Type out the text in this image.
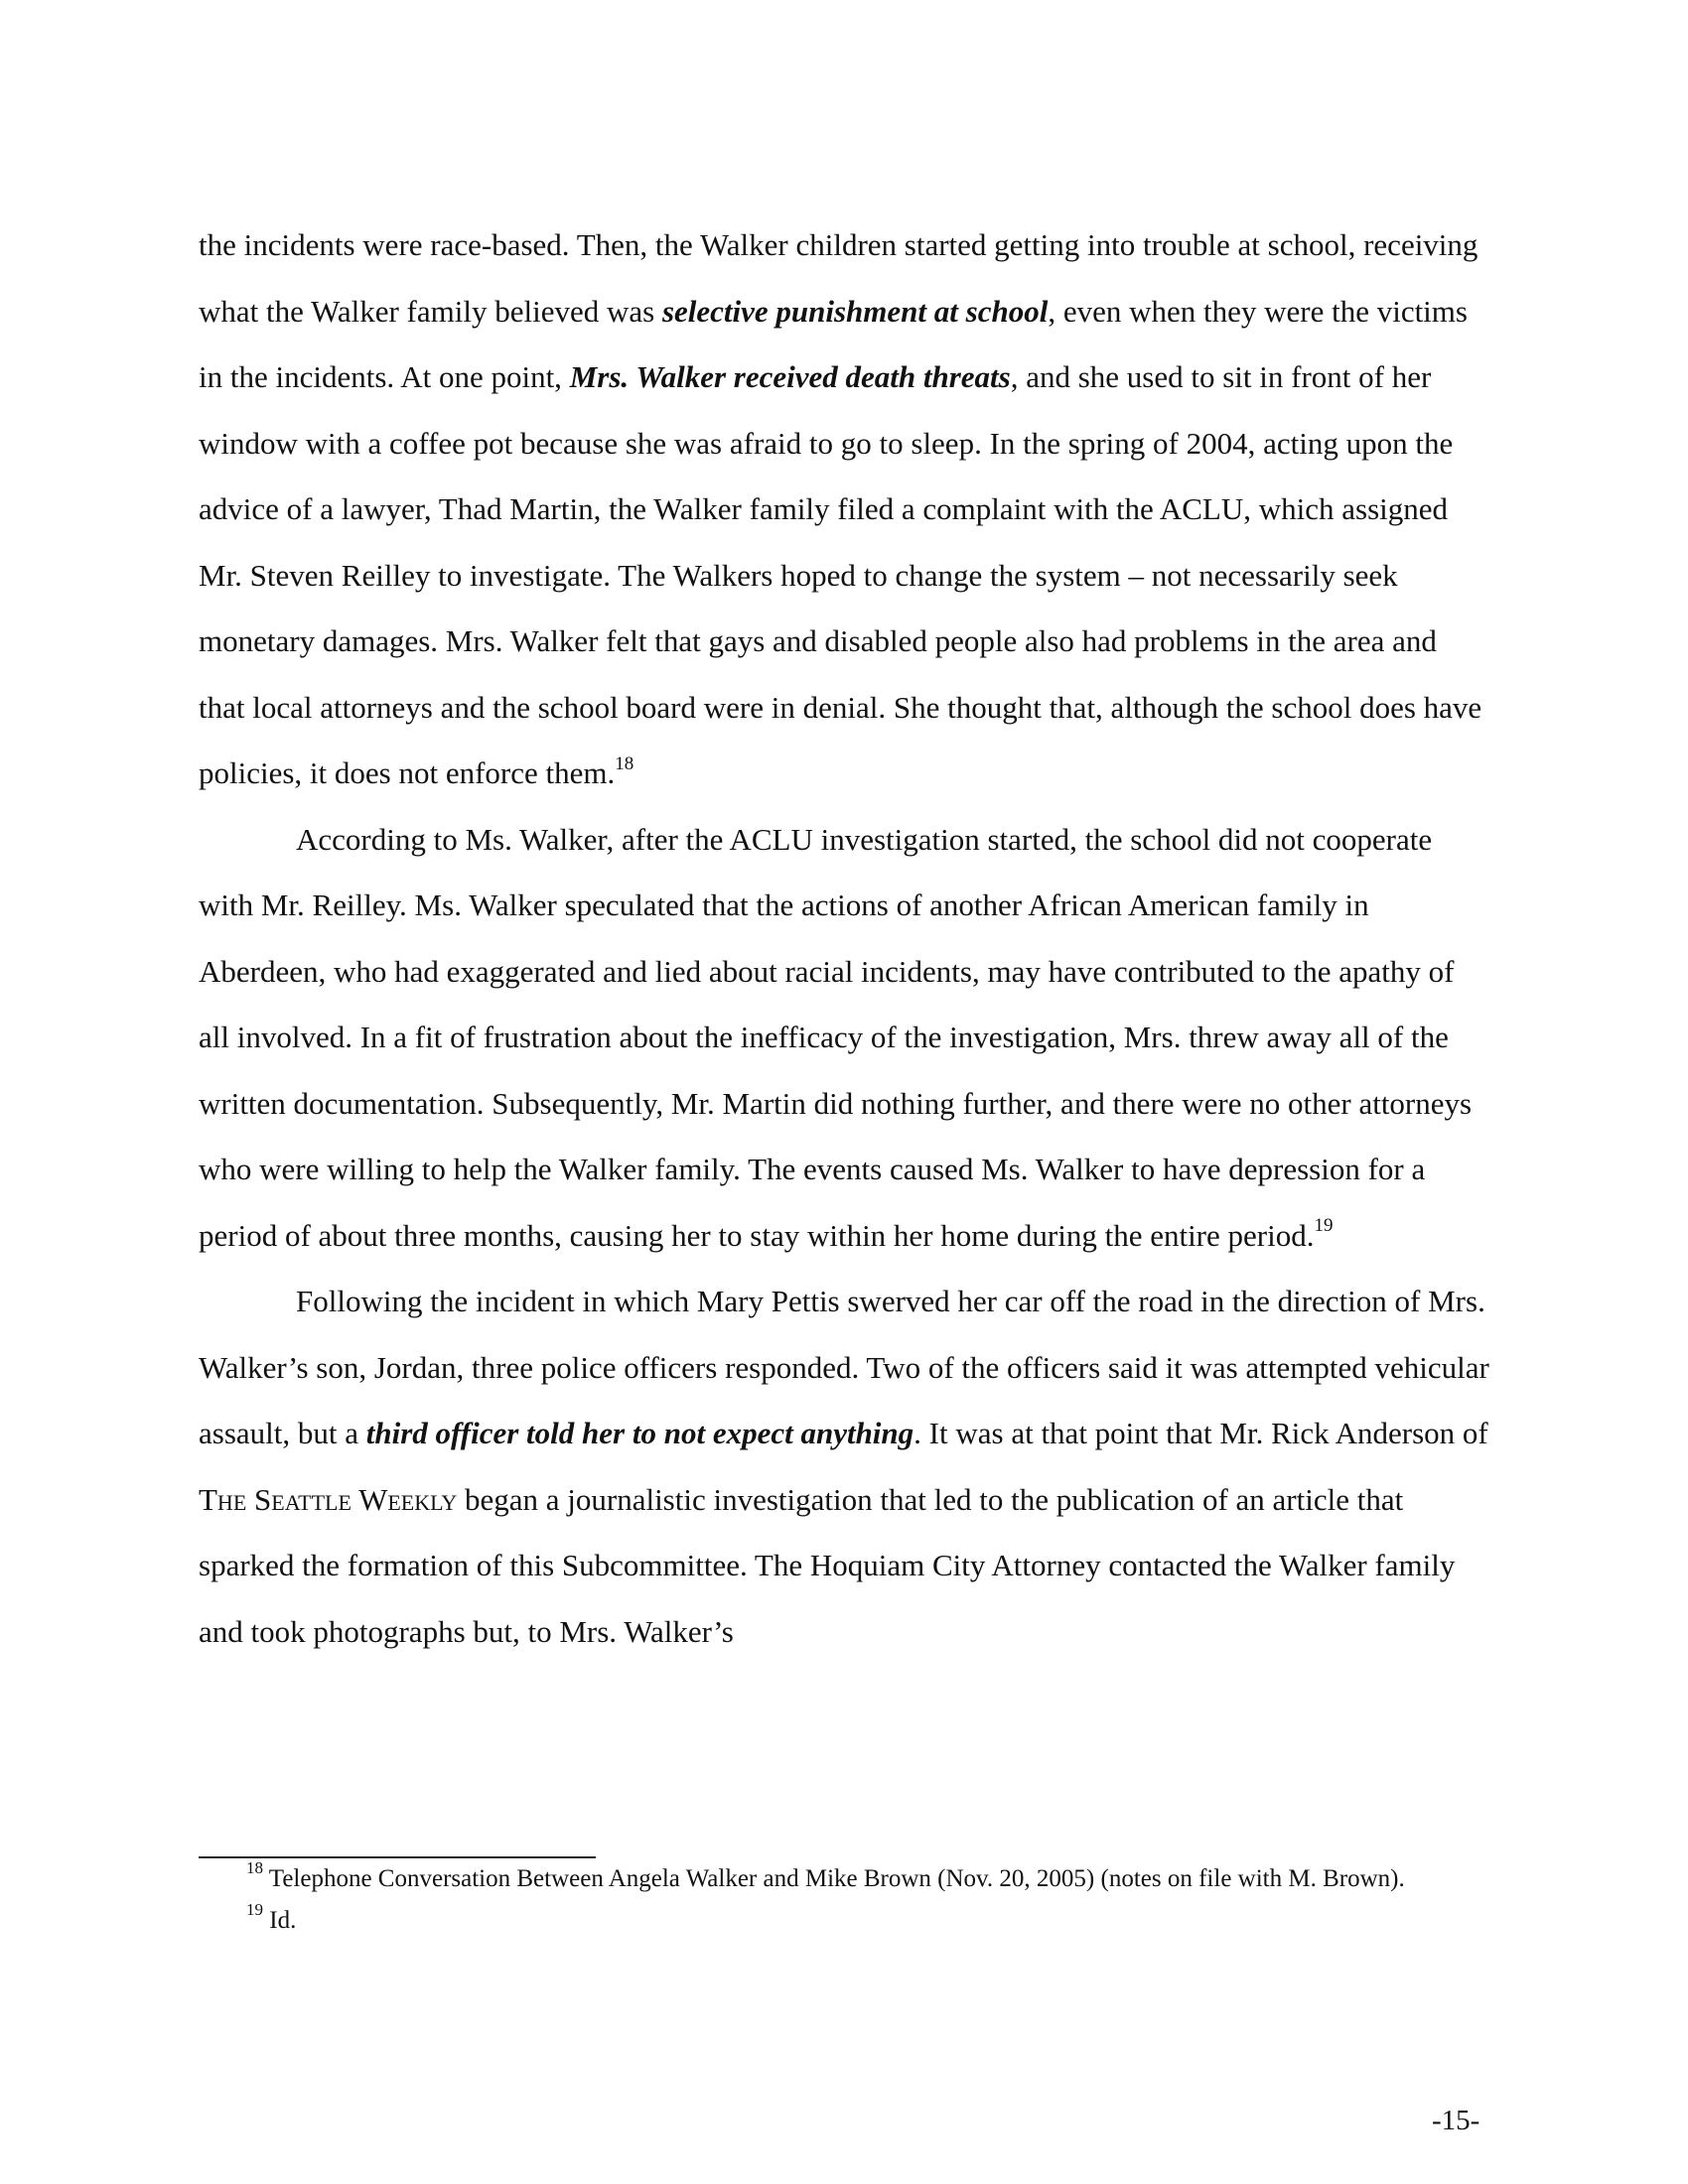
the incidents were race-based. Then, the Walker children started getting into trouble at school, receiving what the Walker family believed was selective punishment at school, even when they were the victims in the incidents. At one point, Mrs. Walker received death threats, and she used to sit in front of her window with a coffee pot because she was afraid to go to sleep. In the spring of 2004, acting upon the advice of a lawyer, Thad Martin, the Walker family filed a complaint with the ACLU, which assigned Mr. Steven Reilley to investigate. The Walkers hoped to change the system – not necessarily seek monetary damages. Mrs. Walker felt that gays and disabled people also had problems in the area and that local attorneys and the school board were in denial. She thought that, although the school does have policies, it does not enforce them.$^{18}$

According to Ms. Walker, after the ACLU investigation started, the school did not cooperate with Mr. Reilley. Ms. Walker speculated that the actions of another African American family in Aberdeen, who had exaggerated and lied about racial incidents, may have contributed to the apathy of all involved. In a fit of frustration about the inefficacy of the investigation, Mrs. threw away all of the written documentation. Subsequently, Mr. Martin did nothing further, and there were no other attorneys who were willing to help the Walker family. The events caused Ms. Walker to have depression for a period of about three months, causing her to stay within her home during the entire period.$^{19}$

Following the incident in which Mary Pettis swerved her car off the road in the direction of Mrs. Walker’s son, Jordan, three police officers responded. Two of the officers said it was attempted vehicular assault, but a third officer told her to not expect anything. It was at that point that Mr. Rick Anderson of The Seattle Weekly began a journalistic investigation that led to the publication of an article that sparked the formation of this Subcommittee. The Hoquiam City Attorney contacted the Walker family and took photographs but, to Mrs. Walker’s

$^{18}$ Telephone Conversation Between Angela Walker and Mike Brown (Nov. 20, 2005) (notes on file with M. Brown).

$^{19}$ Id.

-15-
